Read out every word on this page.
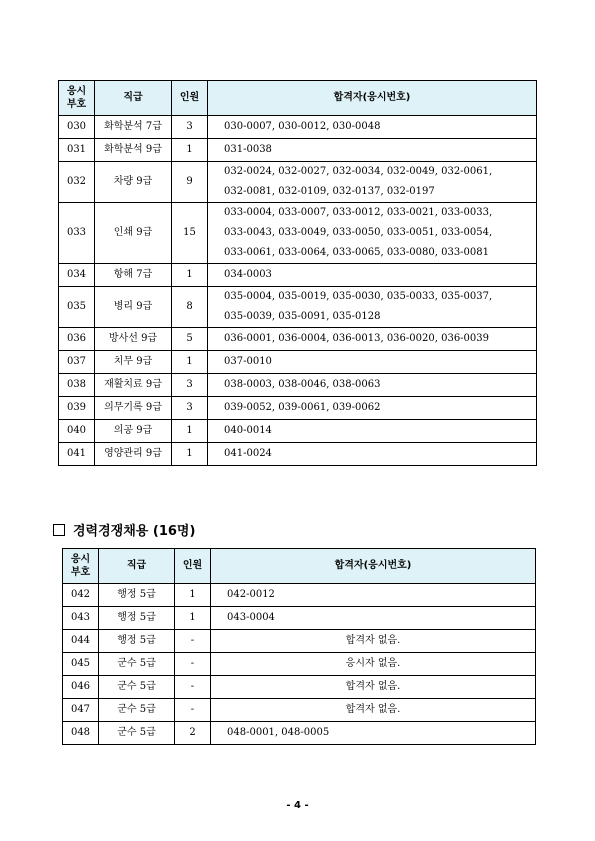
응시
부호	직급	인원	합격자(응시번호)
030	화학분석 7급	3	030-0007, 030-0012, 030-0048

031	화학분석 9급	1	031-0038

032	차량 9급	9	032-0024, 032-0027, 032-0034, 032-0049, 032-0061,
032-0081, 032-0109, 032-0137, 032-0197

033	인쇄 9급	15	033-0004, 033-0007, 033-0012, 033-0021, 033-0033,
033-0043, 033-0049, 033-0050, 033-0051, 033-0054,
033-0061, 033-0064, 033-0065, 033-0080, 033-0081

034	항해 7급	1	034-0003

035	병리 9급	8	035-0004, 035-0019, 035-0030, 035-0033, 035-0037,
035-0039, 035-0091, 035-0128

036	방사선 9급	5	036-0001, 036-0004, 036-0013, 036-0020, 036-0039

037	치무 9급	1	037-0010

038	재활치료 9급	3	038-0003, 038-0046, 038-0063

039	의무기록 9급	3	039-0052, 039-0061, 039-0062

040	의공 9급	1	040-0014

041	영양관리 9급	1	041-0024
경력경쟁채용 (16명)
응시
부호	직급	인원	합격자(응시번호)
042	행정 5급	1	042-0012
043	행정 5급	1	043-0004
044	행정 5급	-	합격자 없음.
045	군수 5급	-	응시자 없음.
046	군수 5급	-	합격자 없음.
047	군수 5급	-	합격자 없음.
048	군수 5급	2	048-0001, 048-0005
- 4 -
